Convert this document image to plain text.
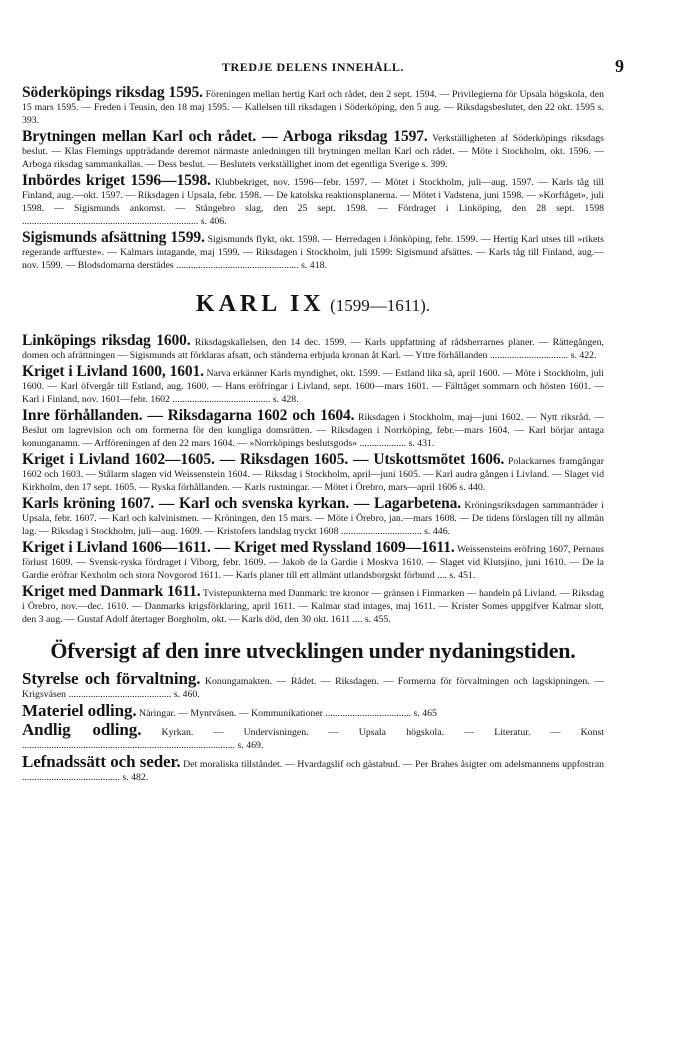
TREDJE DELENS INNEHÅLL.	9
Söderköpings riksdag 1595. Föreningen mellan hertig Karl och rådet, den 2 sept. 1594. — Privilegierna för Upsala högskola, den 15 mars 1595. — Freden i Teusin, den 18 maj 1595. — Kallelsen till riksdagen i Söderköping, den 5 aug. — Riksdagsbeslutet, den 22 okt. 1595 s. 393.
Brytningen mellan Karl och rådet. — Arboga riksdag 1597. Verkställigheten af Söderköpings riksdags beslut. — Klas Flemings uppträdande deremot närmaste anledningen till brytningen mellan Karl och rådet. — Möte i Stockholm, okt. 1596. — Arboga riksdag sammankallas. — Dess beslut. — Beslutets verkställighet inom det egentliga Sverige s. 399.
Inbördes kriget 1596—1598. Klubbekriget, nov. 1596—febr. 1597. — Mötet i Stockholm, juli—aug. 1597. — Karls tåg till Finland, aug.—okt. 1597. — Riksdagen i Upsala, febr. 1598. — De katolska reaktionsplanerna. — Mötet i Vadstena, juni 1598. — »Korftåget», juli 1598. — Sigismunds ankomst. — Stångebro slag, den 25 sept. 1598. — Fördraget i Linköping, den 28 sept. 1598 ........................................................................ s. 406.
Sigismunds afsättning 1599. Sigismunds flykt, okt. 1598. — Herredagen i Jönköping, febr. 1599. — Hertig Karl utses till »rikets regerande arffurste». — Kalmars intagande, maj 1599. — Riksdagen i Stockholm, juli 1599: Sigismund afsättes. — Karls tåg till Finland, aug.—nov. 1599. — Blodsdomarna derstädes .................................................. s. 418.
KARL IX (1599—1611).
Linköpings riksdag 1600. Riksdagskallelsen, den 14 dec. 1599. — Karls uppfattning af rådsherrarnes planer. — Rättegången, domen och afrättningen — Sigismunds att förklaras afsatt, och ständerna erbjuda kronan åt Karl. — Yttre förhållanden ................................ s. 422.
Kriget i Livland 1600, 1601. Narva erkänner Karls myndighet, okt. 1599. — Estland lika så, april 1600. — Möte i Stockholm, juli 1600. — Karl öfvergår till Estland, aug. 1600. — Hans eröfringar i Livland, sept. 1600—mars 1601. — Fälttåget sommarn och hösten 1601. — Karl i Finland, nov. 1601—febr. 1602 ........................................ s. 428.
Inre förhållanden. — Riksdagarna 1602 och 1604. Riksdagen i Stockholm, maj—juni 1602. — Nytt riksråd. — Beslut om lagrevision och om formerna för den kungliga domsrätten. — Riksdagen i Norrköping, febr.—mars 1604. — Karl börjar antaga konunganamn. — Arfföreningen af den 22 mars 1604. — »Norrköpings beslutsgods» ................... s. 431.
Kriget i Livland 1602—1605. — Riksdagen 1605. — Utskottsmötet 1606. Polackarnes framgångar 1602 och 1603. — Stålarm slagen vid Weissenstein 1604. — Riksdag i Stockholm, april—juni 1605. — Karl audra gången i Livland. — Slaget vid Kirkholm, den 17 sept. 1605. — Ryska förhållanden. — Karls rustningar. — Mötet i Örebro, mars—april 1606 s. 440.
Karls kröning 1607. — Karl och svenska kyrkan. — Lagarbetena. Kröningsriksdagen sammanträder i Upsala, febr. 1607. — Karl och kalvinismen. — Kröningen, den 15 mars. — Möte i Örebro, jan.—mars 1608. — De tidens förslagen till ny allmän lag. — Riksdag i Stockholm, juli—aug. 1609. — Kristofers landslag tryckt 1608 ................................. s. 446.
Kriget i Livland 1606—1611. — Kriget med Ryssland 1609—1611. Weissensteins eröfring 1607, Pernaus förlust 1609. — Svensk-ryska fördraget i Viborg, febr. 1609. — Jakob de la Gardie i Moskva 1610. — Slaget vid Klutsjino, juni 1610. — De la Gardie eröfrar Kexholm och stora Novgorod 1611. — Karls planer till ett allmänt utlandsborgskt förbund .... s. 451.
Kriget med Danmark 1611. Tvistepunkterna med Danmark: tre kronor — gränsen i Finmarken — handeln på Livland. — Riksdag i Örebro, nov.—dec. 1610. — Danmarks krigsförklaring, april 1611. — Kalmar stad intages, maj 1611. — Krister Somes uppgifver Kalmar slott, den 3 aug. — Gustaf Adolf återtager Borgholm, okt. — Karls död, den 30 okt. 1611 .... s. 455.
Öfversigt af den inre utvecklingen under nydaningstiden.
Styrelse och förvaltning. Konungamakten. — Rådet. — Riksdagen. — Formerna för förvaltningen och lagskipningen. — Krigsväsen .......................................... s. 460.
Materiel odling. Näringar. — Myntväsen. — Kommunikationer ................................... s. 465
Andlig odling. Kyrkan. — Undervisningen. — Upsala högskola. — Literatur. — Konst ....................................................................................... s. 469.
Lefnadssätt och seder. Det moraliska tillståndet. — Hvardagslif och gästabud. — Per Brahes åsigter om adelsmannens uppfostran ........................................ s. 482.
